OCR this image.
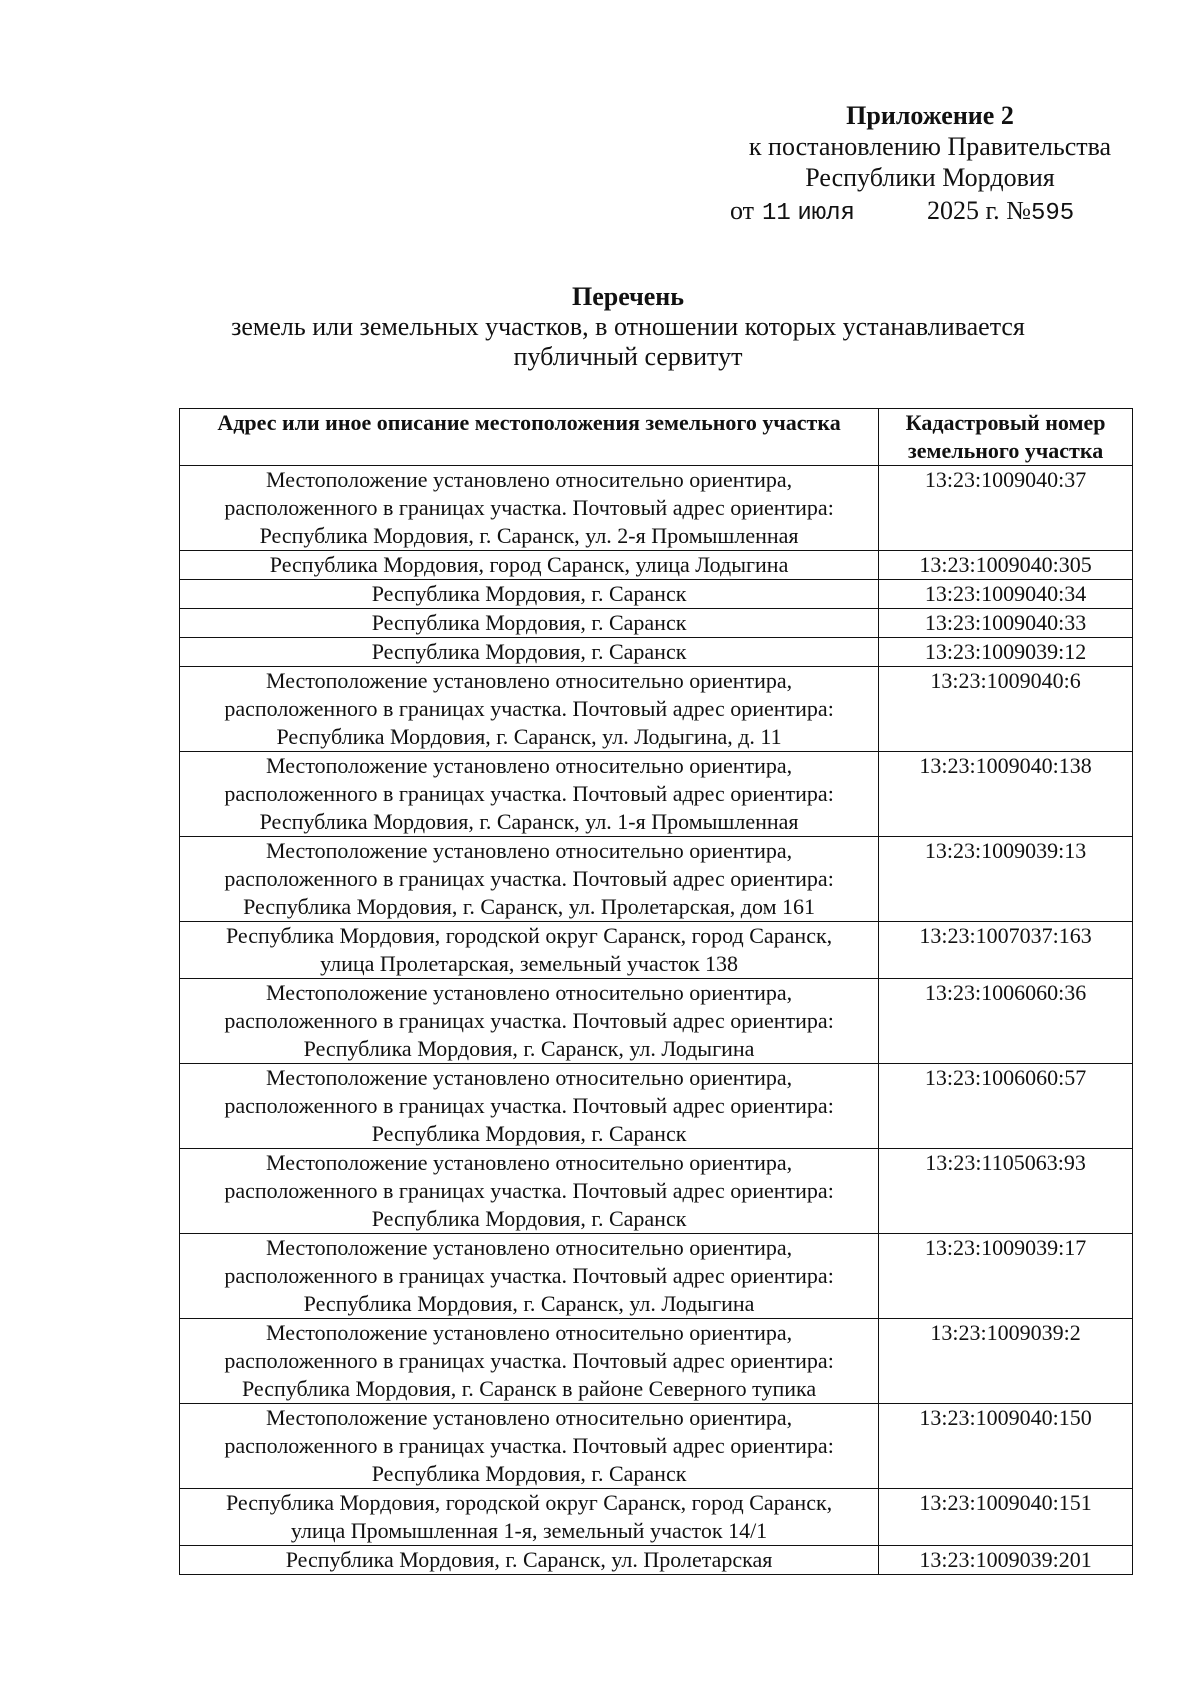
Приложение 2
к постановлению Правительства
Республики Мордовия
от 11 июля	2025 г. №595
Перечень
земель или земельных участков, в отношении которых устанавливается
публичный сервитут
Адрес или иное описание местоположения земельного участка	Кадастровый номер земельного участка

Местоположение установлено относительно ориентира,
расположенного в границах участка. Почтовый адрес ориентира:
Республика Мордовия, г. Саранск, ул. 2-я Промышленная	13:23:1009040:37

Республика Мордовия, город Саранск, улица Лодыгина	13:23:1009040:305

Республика Мордовия, г. Саранск	13:23:1009040:34

Республика Мордовия, г. Саранск	13:23:1009040:33

Республика Мордовия, г. Саранск	13:23:1009039:12

Местоположение установлено относительно ориентира,
расположенного в границах участка. Почтовый адрес ориентира:
Республика Мордовия, г. Саранск, ул. Лодыгина, д. 11	13:23:1009040:6

Местоположение установлено относительно ориентира,
расположенного в границах участка. Почтовый адрес ориентира:
Республика Мордовия, г. Саранск, ул. 1-я Промышленная	13:23:1009040:138

Местоположение установлено относительно ориентира,
расположенного в границах участка. Почтовый адрес ориентира:
Республика Мордовия, г. Саранск, ул. Пролетарская, дом 161	13:23:1009039:13

Республика Мордовия, городской округ Саранск, город Саранск,
улица Пролетарская, земельный участок 138	13:23:1007037:163

Местоположение установлено относительно ориентира,
расположенного в границах участка. Почтовый адрес ориентира:
Республика Мордовия, г. Саранск, ул. Лодыгина	13:23:1006060:36

Местоположение установлено относительно ориентира,
расположенного в границах участка. Почтовый адрес ориентира:
Республика Мордовия, г. Саранск	13:23:1006060:57

Местоположение установлено относительно ориентира,
расположенного в границах участка. Почтовый адрес ориентира:
Республика Мордовия, г. Саранск	13:23:1105063:93

Местоположение установлено относительно ориентира,
расположенного в границах участка. Почтовый адрес ориентира:
Республика Мордовия, г. Саранск, ул. Лодыгина	13:23:1009039:17

Местоположение установлено относительно ориентира,
расположенного в границах участка. Почтовый адрес ориентира:
Республика Мордовия, г. Саранск в районе Северного тупика	13:23:1009039:2

Местоположение установлено относительно ориентира,
расположенного в границах участка. Почтовый адрес ориентира:
Республика Мордовия, г. Саранск	13:23:1009040:150

Республика Мордовия, городской округ Саранск, город Саранск,
улица Промышленная 1-я, земельный участок 14/1	13:23:1009040:151

Республика Мордовия, г. Саранск, ул. Пролетарская	13:23:1009039:201
